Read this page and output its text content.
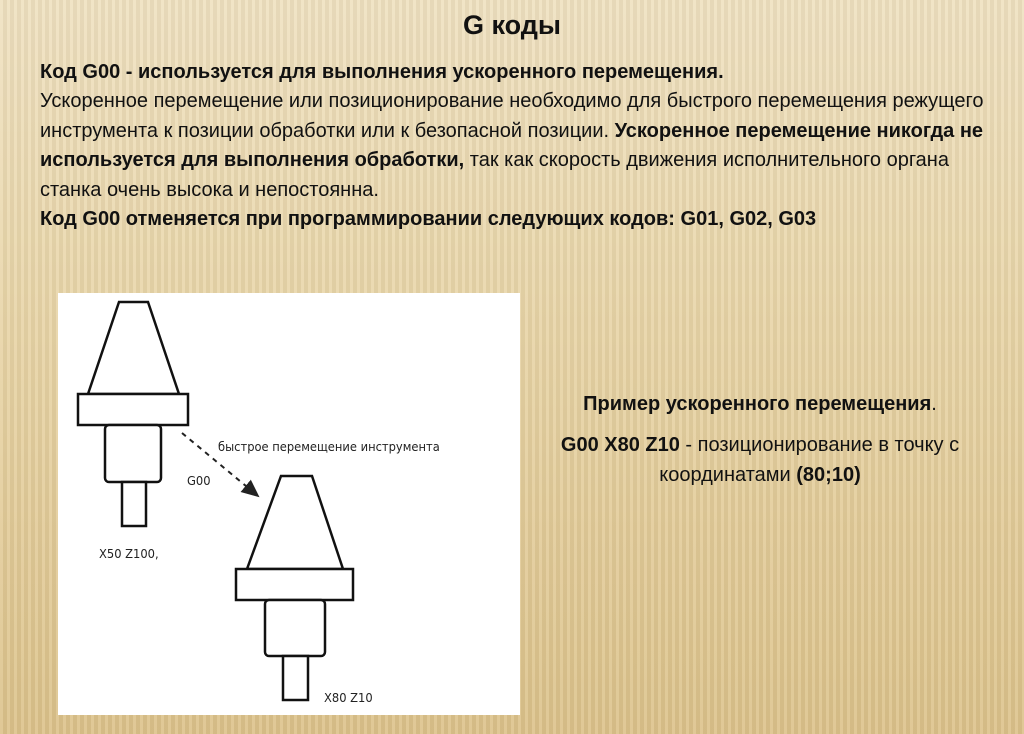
G коды

Код G00 - используется для выполнения ускоренного перемещения.

Ускоренное перемещение или позиционирование необходимо для быстрого перемещения режущего инструмента к позиции обработки или к безопасной позиции. Ускоренное перемещение никогда не используется для выполнения обработки, так как скорость движения исполнительного органа станка очень высока и непостоянна.

Код G00 отменяется при программировании следующих кодов: G01, G02, G03

быстрое перемещение инструмента
G00
X50 Z100,
X80 Z10
Пример ускоренного перемещения.
G00 X80 Z10 - позиционирование в точку с координатами (80;10)
